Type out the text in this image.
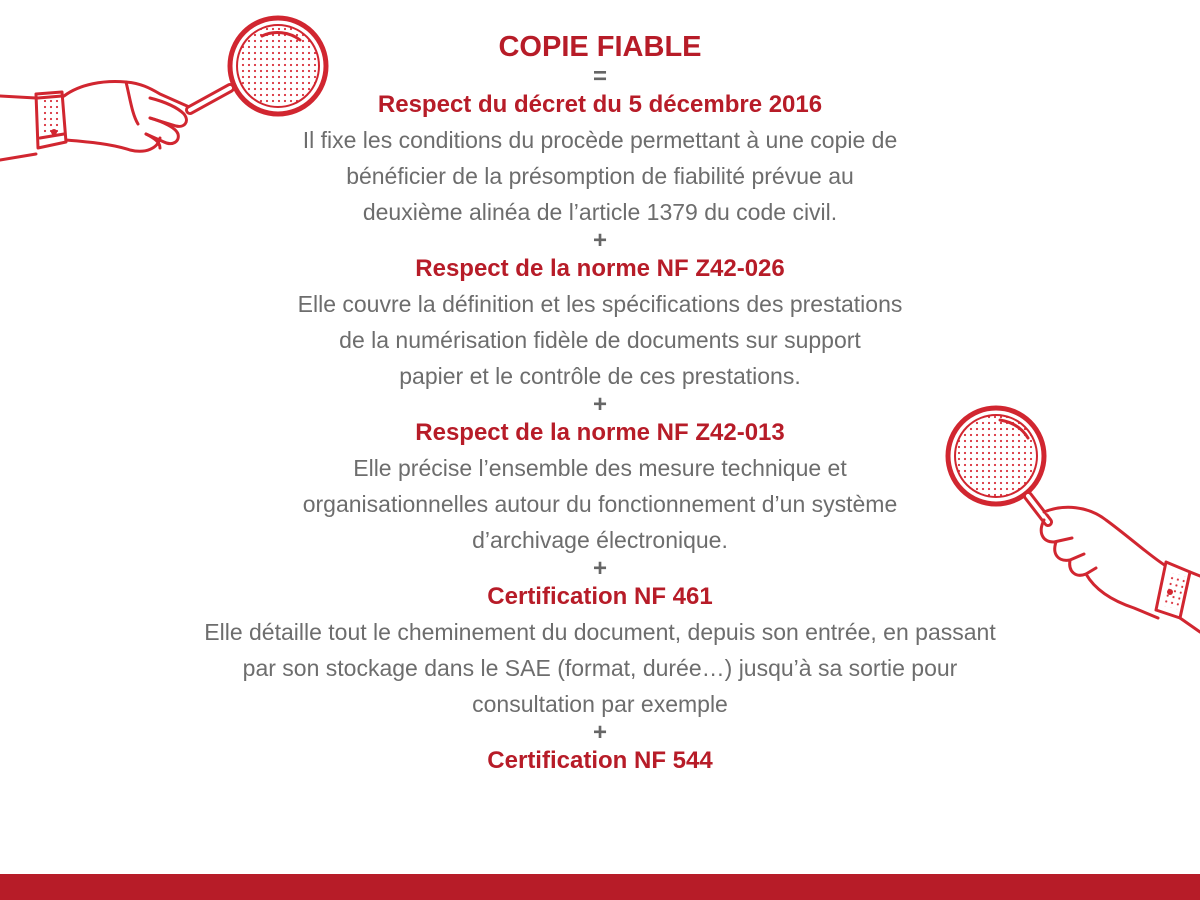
COPIE FIABLE
=
Respect du décret du 5 décembre 2016
Il fixe les conditions du procède permettant à une copie de
bénéficier de la présomption de fiabilité prévue au
deuxième alinéa de l’article 1379 du code civil.
+
Respect de la norme NF Z42-026
Elle couvre la définition et les spécifications des prestations
de la numérisation fidèle de documents sur support
papier et le contrôle de ces prestations.
+
Respect de la norme NF Z42-013
Elle précise l’ensemble des mesure technique et
organisationnelles autour du fonctionnement d’un système
d’archivage électronique.
+
Certification NF 461
Elle détaille tout le cheminement du document, depuis son entrée, en passant
par son stockage dans le SAE (format, durée…) jusqu’à sa sortie pour
consultation par exemple
+
Certification NF 544
